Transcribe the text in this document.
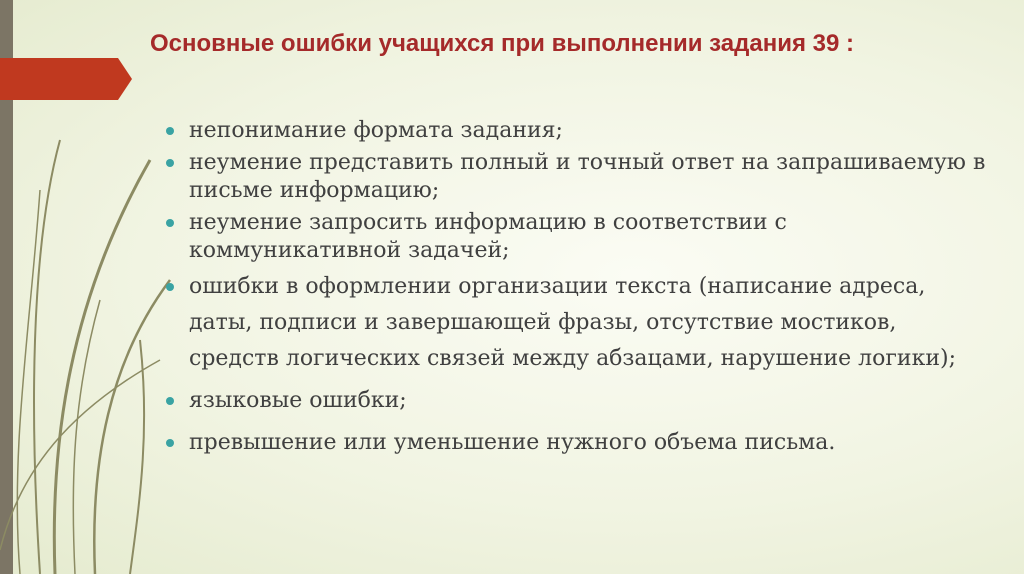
Основные ошибки учащихся при выполнении задания 39 :
непонимание формата задания;
неумение представить полный и точный ответ на запрашиваемую в письме информацию;
неумение запросить информацию в соответствии с коммуникативной задачей;
ошибки в оформлении организации текста (написание адреса, даты, подписи и завершающей фразы, отсутствие мостиков, средств логических связей между абзацами, нарушение логики);
языковые ошибки;
превышение или уменьшение нужного объема письма.
